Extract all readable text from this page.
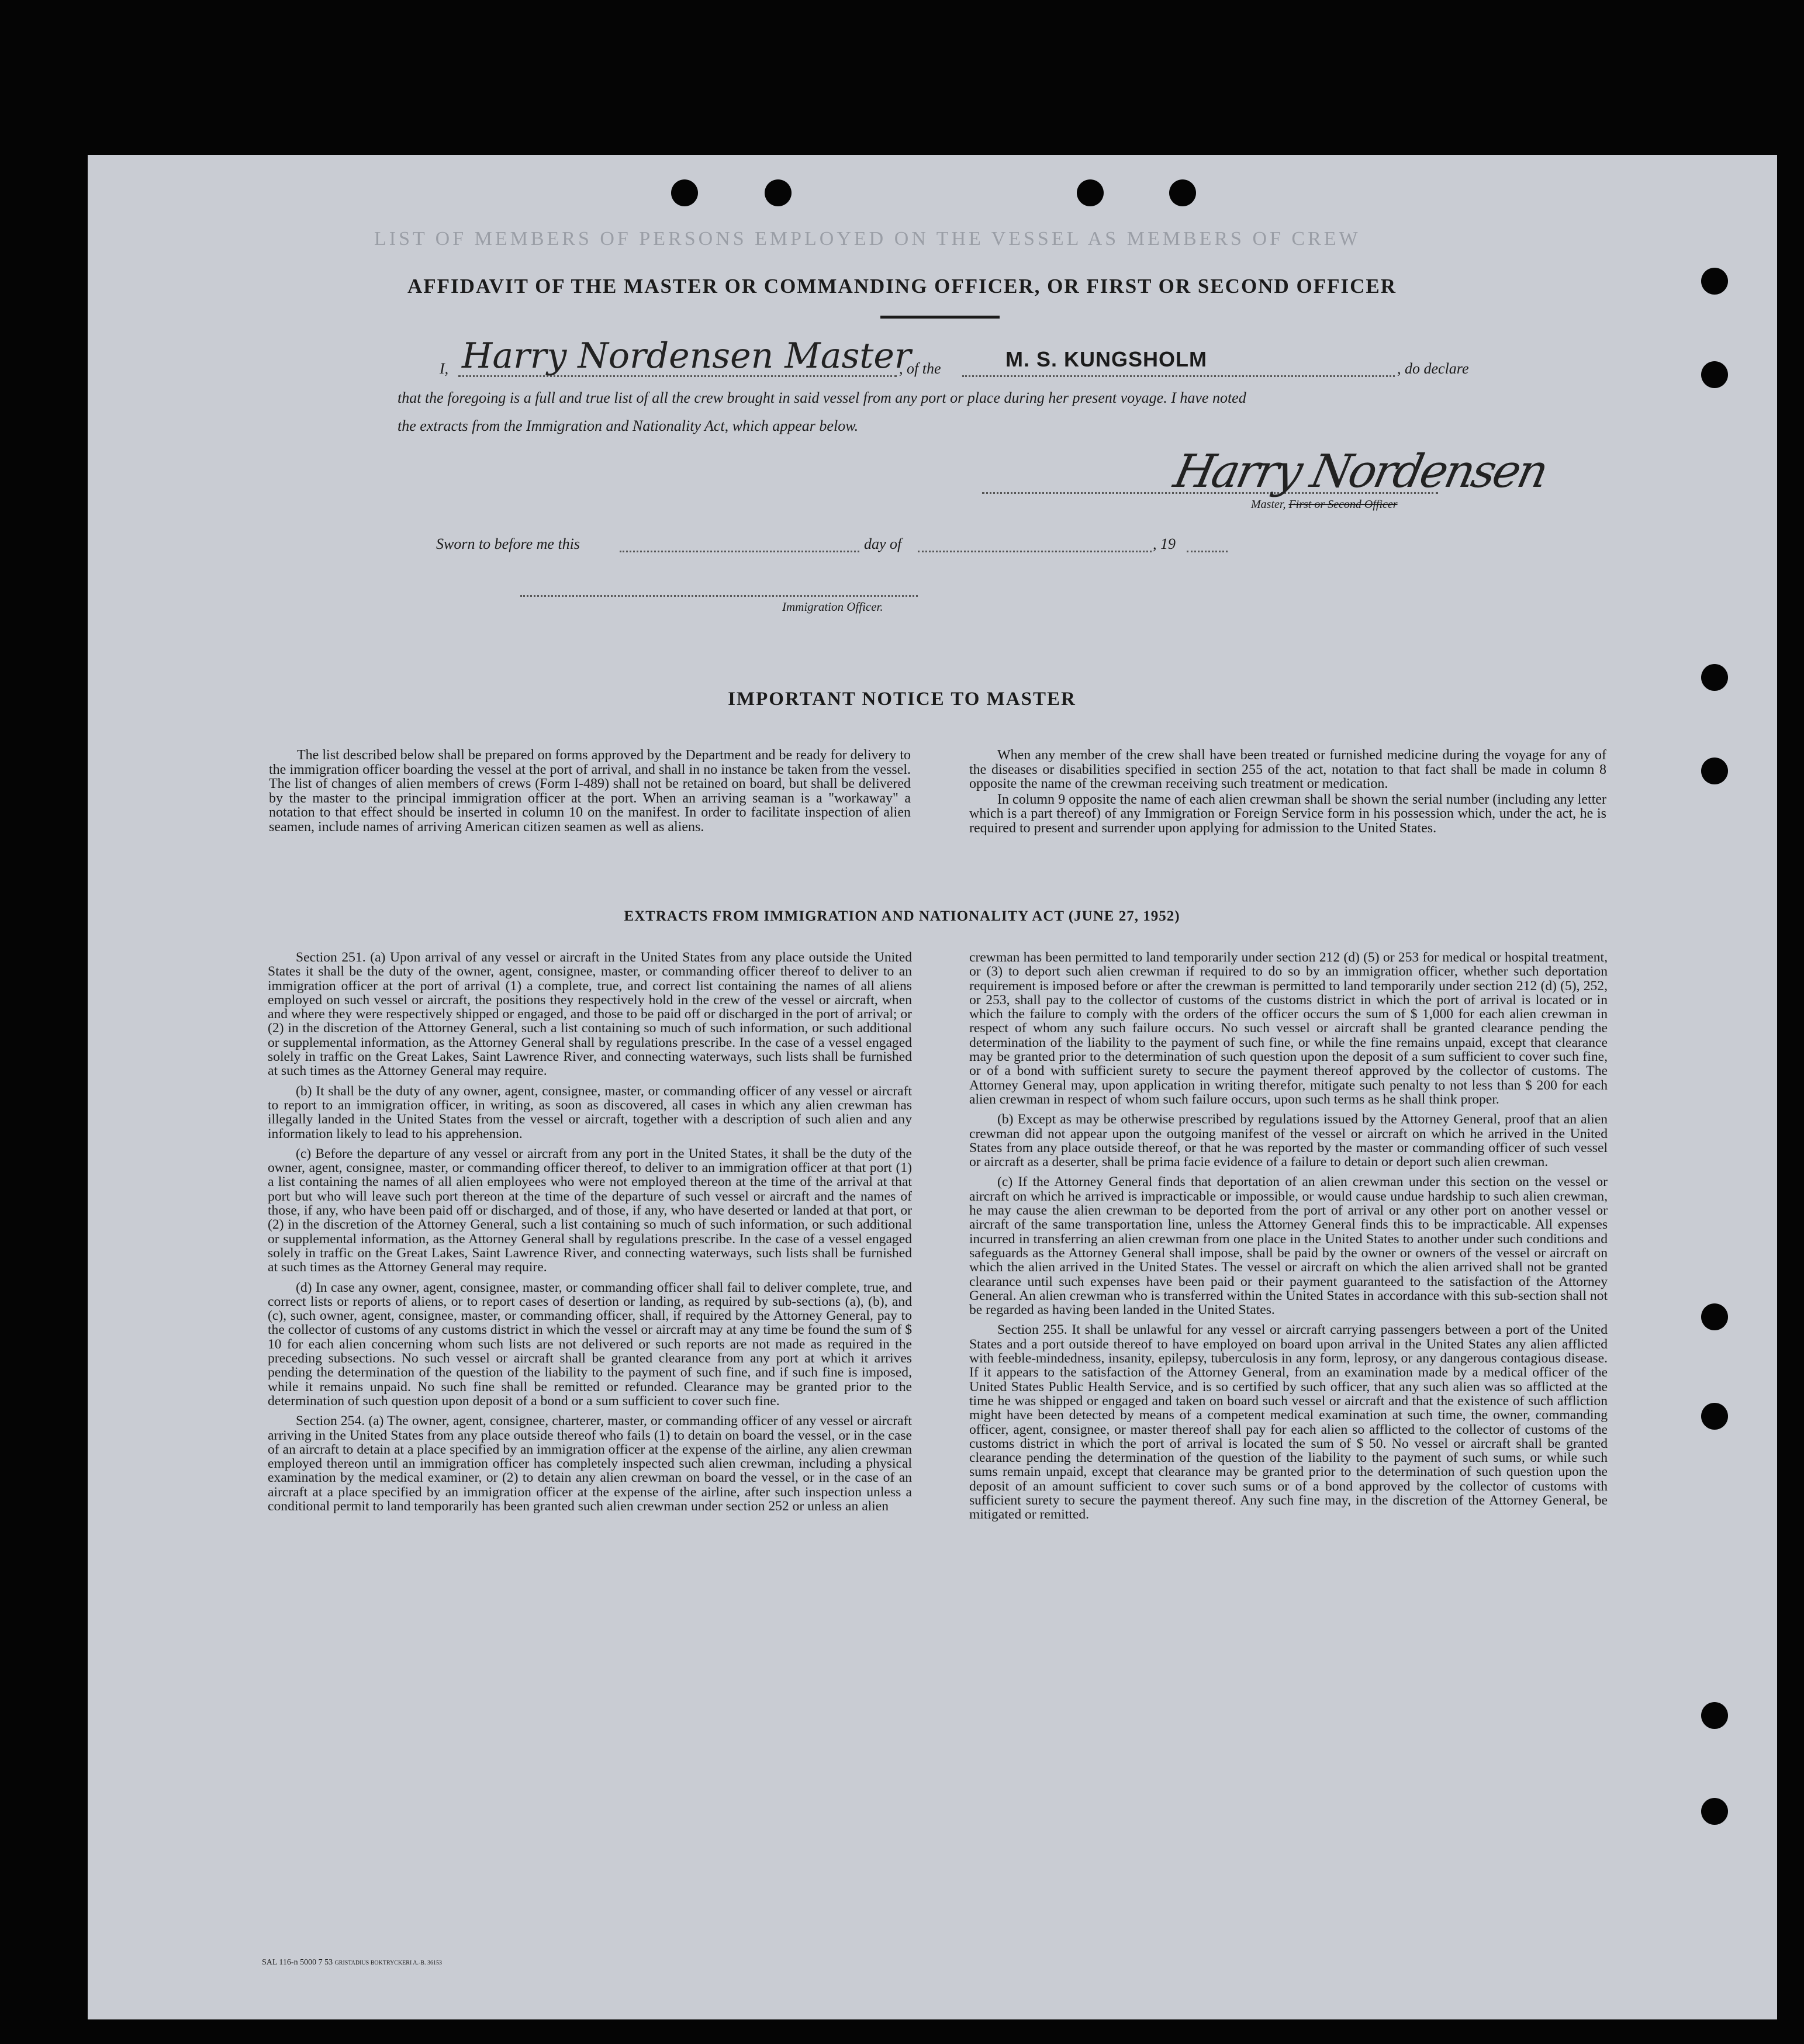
LIST OF MEMBERS OF PERSONS EMPLOYED ON THE VESSEL AS MEMBERS OF CREW
AFFIDAVIT OF THE MASTER OR COMMANDING OFFICER, OR FIRST OR SECOND OFFICER
I, Harry Nordensen Master
, of the	M. S. KUNGSHOLM	, do declare
that the foregoing is a full and true list of all the crew brought in said vessel from any port or place during her present voyage. I have noted
the extracts from the Immigration and Nationality Act, which appear below.
Harry Nordensen
Master, First or Second Officer
Sworn to before me this	day of	, 19
Immigration Officer.
IMPORTANT NOTICE TO MASTER

The list described below shall be prepared on forms approved by the Department and be ready for delivery to the immigration officer boarding the vessel at the port of arrival, and shall in no instance be taken from the vessel. The list of changes of alien members of crews (Form I-489) shall not be retained on board, but shall be delivered by the master to the principal immigration officer at the port. When an arriving seaman is a "workaway" a notation to that effect should be inserted in column 10 on the manifest. In order to facilitate inspection of alien seamen, include names of arriving American citizen seamen as well as aliens.

When any member of the crew shall have been treated or furnished medicine during the voyage for any of the diseases or disabilities specified in section 255 of the act, notation to that fact shall be made in column 8 opposite the name of the crewman receiving such treatment or medication.

In column 9 opposite the name of each alien crewman shall be shown the serial number (including any letter which is a part thereof) of any Immigration or Foreign Service form in his possession which, under the act, he is required to present and surrender upon applying for admission to the United States.

EXTRACTS FROM IMMIGRATION AND NATIONALITY ACT (JUNE 27, 1952)

Section 251. (a) Upon arrival of any vessel or aircraft in the United States from any place outside the United States it shall be the duty of the owner, agent, consignee, master, or commanding officer thereof to deliver to an immigration officer at the port of arrival (1) a complete, true, and correct list containing the names of all aliens employed on such vessel or aircraft, the positions they respectively hold in the crew of the vessel or aircraft, when and where they were respectively shipped or engaged, and those to be paid off or discharged in the port of arrival; or (2) in the discretion of the Attorney General, such a list containing so much of such information, or such additional or supplemental information, as the Attorney General shall by regulations prescribe. In the case of a vessel engaged solely in traffic on the Great Lakes, Saint Lawrence River, and connecting waterways, such lists shall be furnished at such times as the Attorney General may require.

(b) It shall be the duty of any owner, agent, consignee, master, or commanding officer of any vessel or aircraft to report to an immigration officer, in writing, as soon as discovered, all cases in which any alien crewman has illegally landed in the United States from the vessel or aircraft, together with a description of such alien and any information likely to lead to his apprehension.

(c) Before the departure of any vessel or aircraft from any port in the United States, it shall be the duty of the owner, agent, consignee, master, or commanding officer thereof, to deliver to an immigration officer at that port (1) a list containing the names of all alien employees who were not employed thereon at the time of the arrival at that port but who will leave such port thereon at the time of the departure of such vessel or aircraft and the names of those, if any, who have been paid off or discharged, and of those, if any, who have deserted or landed at that port, or (2) in the discretion of the Attorney General, such a list containing so much of such information, or such additional or supplemental information, as the Attorney General shall by regulations prescribe. In the case of a vessel engaged solely in traffic on the Great Lakes, Saint Lawrence River, and connecting waterways, such lists shall be furnished at such times as the Attorney General may require.

(d) In case any owner, agent, consignee, master, or commanding officer shall fail to deliver complete, true, and correct lists or reports of aliens, or to report cases of desertion or landing, as required by sub-sections (a), (b), and (c), such owner, agent, consignee, master, or commanding officer, shall, if required by the Attorney General, pay to the collector of customs of any customs district in which the vessel or aircraft may at any time be found the sum of $ 10 for each alien concerning whom such lists are not delivered or such reports are not made as required in the preceding subsections. No such vessel or aircraft shall be granted clearance from any port at which it arrives pending the determination of the question of the liability to the payment of such fine, and if such fine is imposed, while it remains unpaid. No such fine shall be remitted or refunded. Clearance may be granted prior to the determination of such question upon deposit of a bond or a sum sufficient to cover such fine.

Section 254. (a) The owner, agent, consignee, charterer, master, or commanding officer of any vessel or aircraft arriving in the United States from any place outside thereof who fails (1) to detain on board the vessel, or in the case of an aircraft to detain at a place specified by an immigration officer at the expense of the airline, any alien crewman employed thereon until an immigration officer has completely inspected such alien crewman, including a physical examination by the medical examiner, or (2) to detain any alien crewman on board the vessel, or in the case of an aircraft at a place specified by an immigration officer at the expense of the airline, after such inspection unless a conditional permit to land temporarily has been granted such alien crewman under section 252 or unless an alien

crewman has been permitted to land temporarily under section 212 (d) (5) or 253 for medical or hospital treatment, or (3) to deport such alien crewman if required to do so by an immigration officer, whether such deportation requirement is imposed before or after the crewman is permitted to land temporarily under section 212 (d) (5), 252, or 253, shall pay to the collector of customs of the customs district in which the port of arrival is located or in which the failure to comply with the orders of the officer occurs the sum of $ 1,000 for each alien crewman in respect of whom any such failure occurs. No such vessel or aircraft shall be granted clearance pending the determination of the liability to the payment of such fine, or while the fine remains unpaid, except that clearance may be granted prior to the determination of such question upon the deposit of a sum sufficient to cover such fine, or of a bond with sufficient surety to secure the payment thereof approved by the collector of customs. The Attorney General may, upon application in writing therefor, mitigate such penalty to not less than $ 200 for each alien crewman in respect of whom such failure occurs, upon such terms as he shall think proper.

(b) Except as may be otherwise prescribed by regulations issued by the Attorney General, proof that an alien crewman did not appear upon the outgoing manifest of the vessel or aircraft on which he arrived in the United States from any place outside thereof, or that he was reported by the master or commanding officer of such vessel or aircraft as a deserter, shall be prima facie evidence of a failure to detain or deport such alien crewman.

(c) If the Attorney General finds that deportation of an alien crewman under this section on the vessel or aircraft on which he arrived is impracticable or impossible, or would cause undue hardship to such alien crewman, he may cause the alien crewman to be deported from the port of arrival or any other port on another vessel or aircraft of the same transportation line, unless the Attorney General finds this to be impracticable. All expenses incurred in transferring an alien crewman from one place in the United States to another under such conditions and safeguards as the Attorney General shall impose, shall be paid by the owner or owners of the vessel or aircraft on which the alien arrived in the United States. The vessel or aircraft on which the alien arrived shall not be granted clearance until such expenses have been paid or their payment guaranteed to the satisfaction of the Attorney General. An alien crewman who is transferred within the United States in accordance with this sub-section shall not be regarded as having been landed in the United States.

Section 255. It shall be unlawful for any vessel or aircraft carrying passengers between a port of the United States and a port outside thereof to have employed on board upon arrival in the United States any alien afflicted with feeble-mindedness, insanity, epilepsy, tuberculosis in any form, leprosy, or any dangerous contagious disease. If it appears to the satisfaction of the Attorney General, from an examination made by a medical officer of the United States Public Health Service, and is so certified by such officer, that any such alien was so afflicted at the time he was shipped or engaged and taken on board such vessel or aircraft and that the existence of such affliction might have been detected by means of a competent medical examination at such time, the owner, commanding officer, agent, consignee, or master thereof shall pay for each alien so afflicted to the collector of customs of the customs district in which the port of arrival is located the sum of $ 50. No vessel or aircraft shall be granted clearance pending the determination of the question of the liability to the payment of such sums, or while such sums remain unpaid, except that clearance may be granted prior to the determination of such question upon the deposit of an amount sufficient to cover such sums or of a bond approved by the collector of customs with sufficient surety to secure the payment thereof. Any such fine may, in the discretion of the Attorney General, be mitigated or remitted.

SAL 116-n 5000 7 53 GRISTADIUS BOKTRYCKERI A.-B. 36153
